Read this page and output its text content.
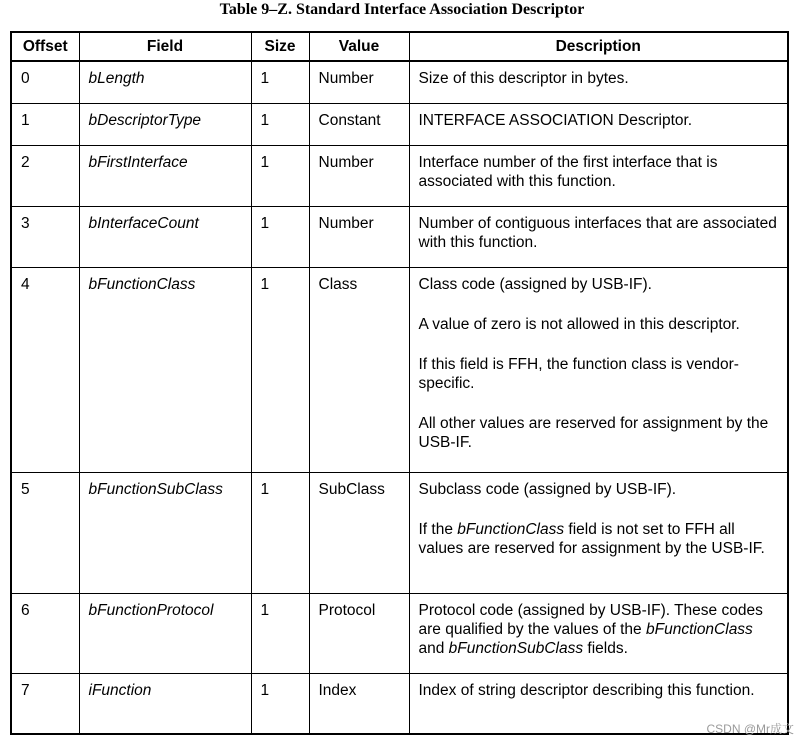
Table 9–Z. Standard Interface Association Descriptor
Offset	Field	Size	Value	Description
0	bLength	1	Number	Size of this descriptor in bytes.

1	bDescriptorType	1	Constant	INTERFACE ASSOCIATION Descriptor.

2	bFirstInterface	1	Number	Interface number of the first interface that is associated with this function.

3	bInterfaceCount	1	Number	Number of contiguous interfaces that are associated with this function.

4	bFunctionClass	1	Class	Class code (assigned by USB-IF).

A value of zero is not allowed in this descriptor.

If this field is FFH, the function class is vendor-specific.

All other values are reserved for assignment by the USB-IF.

5	bFunctionSubClass	1	SubClass	Subclass code (assigned by USB-IF).

If the bFunctionClass field is not set to FFH all values are reserved for assignment by the USB-IF.

6	bFunctionProtocol	1	Protocol	Protocol code (assigned by USB-IF). These codes are qualified by the values of the bFunctionClass and bFunctionSubClass fields.

7	iFunction	1	Index	Index of string descriptor describing this function.

CSDN @Mr成文
